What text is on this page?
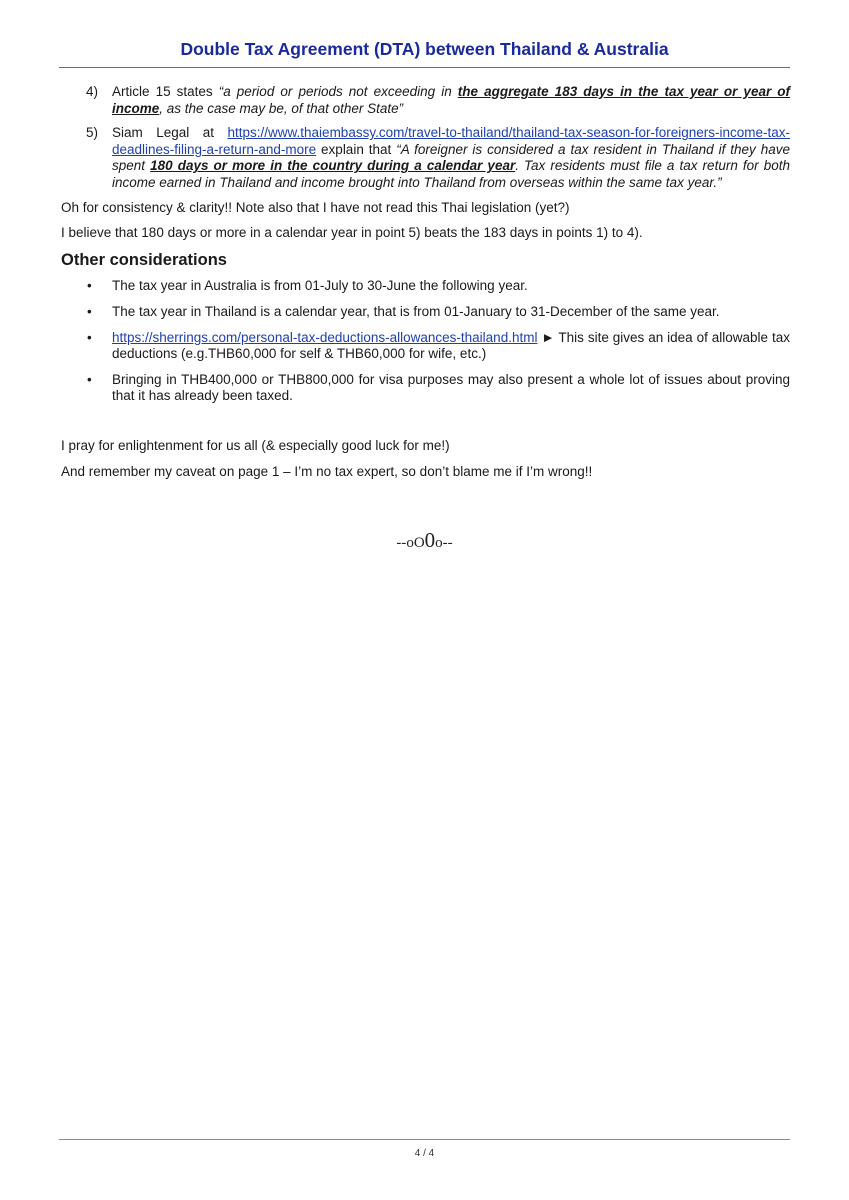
Double Tax Agreement (DTA) between Thailand & Australia
4) Article 15 states “a period or periods not exceeding in the aggregate 183 days in the tax year or year of income, as the case may be, of that other State”

5) Siam Legal at https://www.thaiembassy.com/travel-to-thailand/thailand-tax-season-for-foreigners-income-tax-deadlines-filing-a-return-and-more explain that “A foreigner is considered a tax resident in Thailand if they have spent 180 days or more in the country during a calendar year. Tax residents must file a tax return for both income earned in Thailand and income brought into Thailand from overseas within the same tax year.”

Oh for consistency & clarity!! Note also that I have not read this Thai legislation (yet?)

I believe that 180 days or more in a calendar year in point 5) beats the 183 days in points 1) to 4).

Other considerations
• The tax year in Australia is from 01-July to 30-June the following year.
• The tax year in Thailand is a calendar year, that is from 01-January to 31-December of the same year.
• https://sherrings.com/personal-tax-deductions-allowances-thailand.html ► This site gives an idea of allowable tax deductions (e.g.THB60,000 for self & THB60,000 for wife, etc.)
• Bringing in THB400,000 or THB800,000 for visa purposes may also present a whole lot of issues about proving that it has already been taxed.

I pray for enlightenment for us all (& especially good luck for me!)

And remember my caveat on page 1 – I’m no tax expert, so don’t blame me if I’m wrong!!

--oO0o--
4 / 4
